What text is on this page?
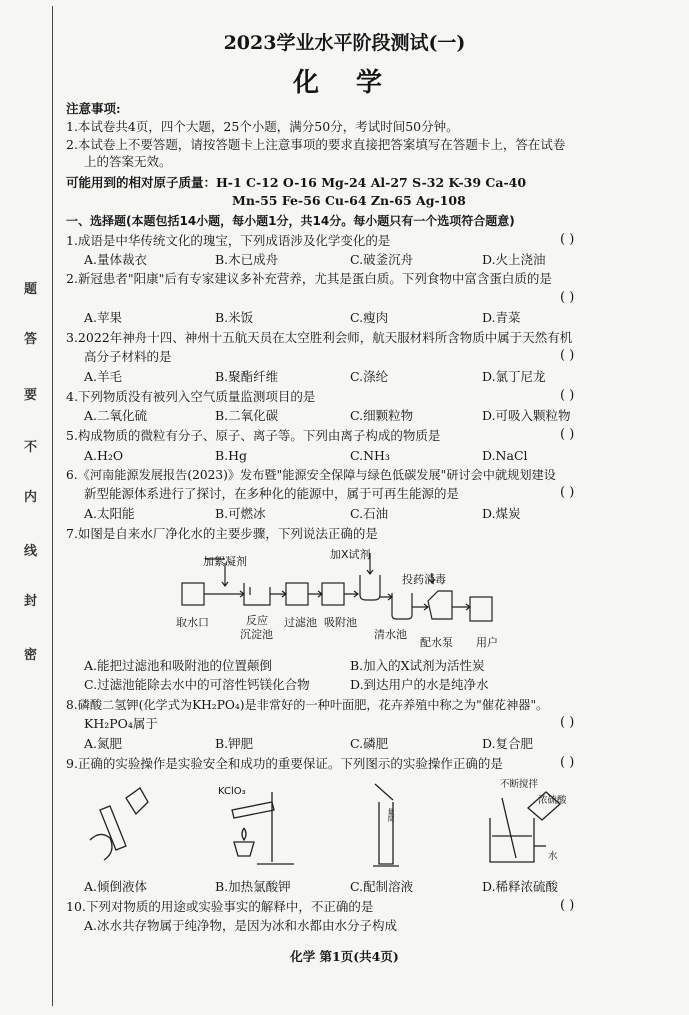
题
答
要
不
内
线
封
密
2023学业水平阶段测试(一)
化 学
注意事项:
1.本试卷共4页，四个大题，25个小题，满分50分，考试时间50分钟。
2.本试卷上不要答题，请按答题卡上注意事项的要求直接把答案填写在答题卡上，答在试卷
上的答案无效。
可能用到的相对原子质量：H-1 C-12 O-16 Mg-24 Al-27 S-32 K-39 Ca-40
Mn-55 Fe-56 Cu-64 Zn-65 Ag-108
一、选择题(本题包括14小题，每小题1分，共14分。每小题只有一个选项符合题意)
1.成语是中华传统文化的瑰宝，下列成语涉及化学变化的是	( )
A.量体裁衣	B.木已成舟	C.破釜沉舟	D.火上浇油
2.新冠患者"阳康"后有专家建议多补充营养，尤其是蛋白质。下列食物中富含蛋白质的是
( )
A.苹果	B.米饭	C.瘦肉	D.青菜
3.2022年神舟十四、神州十五航天员在太空胜利会师，航天服材料所含物质中属于天然有机
高分子材料的是	( )
A.羊毛	B.聚酯纤维	C.涤纶	D.氯丁尼龙
4.下列物质没有被列入空气质量监测项目的是	( )
A.二氧化硫	B.二氧化碳	C.细颗粒物	D.可吸入颗粒物
5.构成物质的微粒有分子、原子、离子等。下列由离子构成的物质是	( )
A.H₂O	B.Hg	C.NH₃	D.NaCl
6.《河南能源发展报告(2023)》发布暨"能源安全保障与绿色低碳发展"研讨会中就规划建设
新型能源体系进行了探讨，在多种化的能源中，属于可再生能源的是	( )
A.太阳能	B.可燃冰	C.石油	D.煤炭
7.如图是自来水厂净化水的主要步骤，下列说法正确的是
加絮凝剂
加X试剂
投药消毒
取水口	反应
沉淀池
过滤池 吸附池
清水池
配水泵 用户
A.能把过滤池和吸附池的位置颠倒	B.加入的X试剂为活性炭
C.过滤池能除去水中的可溶性钙镁化合物	D.到达用户的水是纯净水
8.磷酸二氢钾(化学式为KH₂PO₄)是非常好的一种叶面肥，花卉养殖中称之为"催花神器"。
KH₂PO₄属于	( )
A.氮肥	B.钾肥	C.磷肥	D.复合肥
9.正确的实验操作是实验安全和成功的重要保证。下列图示的实验操作正确的是	( )
KClO₃
量筒
不断搅拌
浓硫酸
水
A.倾倒液体	B.加热氯酸钾	C.配制溶液	D.稀释浓硫酸
10.下列对物质的用途或实验事实的解释中，不正确的是	( )
A.冰水共存物属于纯净物，是因为冰和水都由水分子构成
化学 第1页(共4页)
